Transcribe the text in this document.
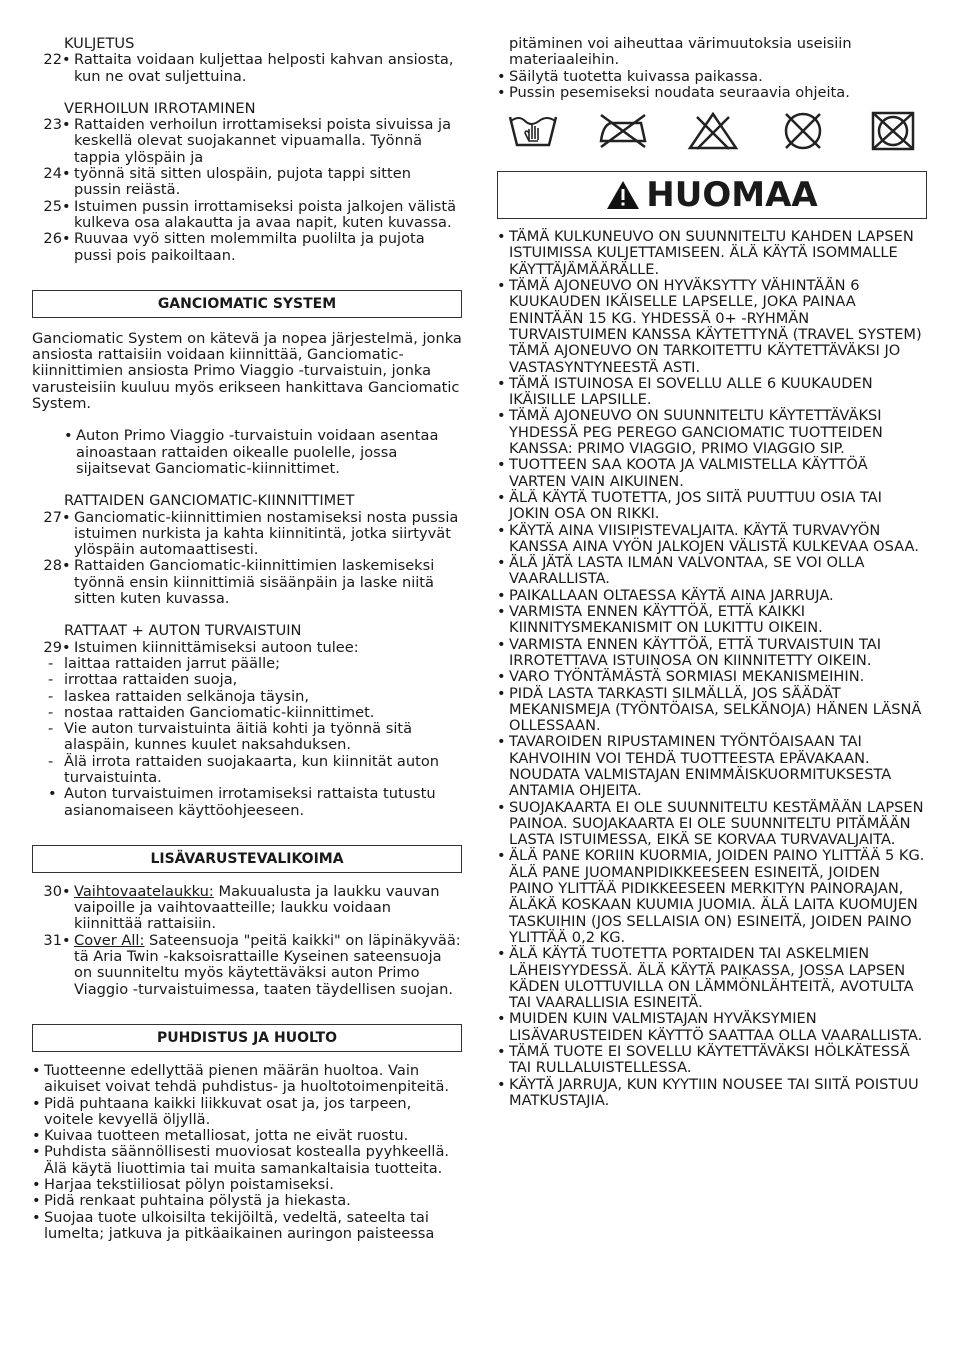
KULJETUS
22 • Rattaita voidaan kuljettaa helposti kahvan ansiosta, kun ne ovat suljettuina.
VERHOILUN IRROTAMINEN
23 • Rattaiden verhoilun irrottamiseksi poista sivuissa ja keskellä olevat suojakannet vipuamalla. Työnnä tappia ylöspäin ja
24 • työnnä sitä sitten ulospäin, pujota tappi sitten pussin reiästä.
25 • Istuimen pussin irrottamiseksi poista jalkojen välistä kulkeva osa alakautta ja avaa napit, kuten kuvassa.
26 • Ruuvaa vyö sitten molemmilta puolilta ja pujota pussi pois paikoiltaan.
GANCIOMATIC SYSTEM

Ganciomatic System on kätevä ja nopea järjestelmä, jonka ansiosta rattaisiin voidaan kiinnittää, Ganciomatic-kiinnittimien ansiosta Primo Viaggio -turvaistuin, jonka varusteisiin kuuluu myös erikseen hankittava Ganciomatic System.

• Auton Primo Viaggio -turvaistuin voidaan asentaa ainoastaan rattaiden oikealle puolelle, jossa sijaitsevat Ganciomatic-kiinnittimet.
RATTAIDEN GANCIOMATIC-KIINNITTIMET
27 • Ganciomatic-kiinnittimien nostamiseksi nosta pussia istuimen nurkista ja kahta kiinnitintä, jotka siirtyvät ylöspäin automaattisesti.
28 • Rattaiden Ganciomatic-kiinnittimien laskemiseksi työnnä ensin kiinnittimiä sisäänpäin ja laske niitä sitten kuten kuvassa.
RATTAAT + AUTON TURVAISTUIN
29 • Istuimen kiinnittämiseksi autoon tulee:
- laittaa rattaiden jarrut päälle;
- irrottaa rattaiden suoja,
- laskea rattaiden selkänoja täysin,
- nostaa rattaiden Ganciomatic-kiinnittimet.
- Vie auton turvaistuinta äitiä kohti ja työnnä sitä alaspäin, kunnes kuulet naksahduksen.
- Älä irrota rattaiden suojakaarta, kun kiinnität auton turvaistuinta.
• Auton turvaistuimen irrotamiseksi rattaista tutustu asianomaiseen käyttöohjeeseen.
LISÄVARUSTEVALIKOIMA
30 • Vaihtovaatelaukku: Makuualusta ja laukku vauvan vaipoille ja vaihtovaatteille; laukku voidaan kiinnittää rattaisiin.
31 • Cover All: Sateensuoja "peitä kaikki" on läpinäkyvää: tä Aria Twin -kaksoisrattaille Kyseinen sateensuoja on suunniteltu myös käytettäväksi auton Primo Viaggio -turvaistuimessa, taaten täydellisen suojan.
PUHDISTUS JA HUOLTO
• Tuotteenne edellyttää pienen määrän huoltoa. Vain aikuiset voivat tehdä puhdistus- ja huoltotoimenpiteitä.
• Pidä puhtaana kaikki liikkuvat osat ja, jos tarpeen, voitele kevyellä öljyllä.
• Kuivaa tuotteen metalliosat, jotta ne eivät ruostu.
• Puhdista säännöllisesti muoviosat kostealla pyyhkeellä. Älä käytä liuottimia tai muita samankaltaisia tuotteita.
• Harjaa tekstiiliosat pölyn poistamiseksi.
• Pidä renkaat puhtaina pölystä ja hiekasta.
• Suojaa tuote ulkoisilta tekijöiltä, vedeltä, sateelta tai lumelta; jatkuva ja pitkäaikainen auringon paisteessa
pitäminen voi aiheuttaa värimuutoksia useisiin materiaaleihin.
• Säilytä tuotetta kuivassa paikassa.
• Pussin pesemiseksi noudata seuraavia ohjeita.
HUOMAA
• TÄMÄ KULKUNEUVO ON SUUNNITELTU KAHDEN LAPSEN ISTUIMISSA KULJETTAMISEEN. ÄLÄ KÄYTÄ ISOMMALLE KÄYTTÄJÄMÄÄRÄLLE.
• TÄMÄ AJONEUVO ON HYVÄKSYTTY VÄHINTÄÄN 6 KUUKAUDEN IKÄISELLE LAPSELLE, JOKA PAINAA ENINTÄÄN 15 KG. YHDESSÄ 0+ -RYHMÄN TURVAISTUIMEN KANSSA KÄYTETTYNÄ (TRAVEL SYSTEM) TÄMÄ AJONEUVO ON TARKOITETTU KÄYTETTÄVÄKSI JO VASTASYNTYNEESTÄ ASTI.
• TÄMÄ ISTUINOSA EI SOVELLU ALLE 6 KUUKAUDEN IKÄISILLE LAPSILLE.
• TÄMÄ AJONEUVO ON SUUNNITELTU KÄYTETTÄVÄKSI YHDESSÄ PEG PEREGO GANCIOMATIC TUOTTEIDEN KANSSA: PRIMO VIAGGIO, PRIMO VIAGGIO SIP.
• TUOTTEEN SAA KOOTA JA VALMISTELLA KÄYTTÖÄ VARTEN VAIN AIKUINEN.
• ÄLÄ KÄYTÄ TUOTETTA, JOS SIITÄ PUUTTUU OSIA TAI JOKIN OSA ON RIKKI.
• KÄYTÄ AINA VIISIPISTEVALJAITA. KÄYTÄ TURVAVYÖN KANSSA AINA VYÖN JALKOJEN VÄLISTÄ KULKEVAA OSAA.
• ÄLÄ JÄTÄ LASTA ILMAN VALVONTAA, SE VOI OLLA VAARALLISTA.
• PAIKALLAAN OLTAESSA KÄYTÄ AINA JARRUJA.
• VARMISTA ENNEN KÄYTTÖÄ, ETTÄ KAIKKI KIINNITYSMEKANISMIT ON LUKITTU OIKEIN.
• VARMISTA ENNEN KÄYTTÖÄ, ETTÄ TURVAISTUIN TAI IRROTETTAVA ISTUINOSA ON KIINNITETTY OIKEIN.
• VARO TYÖNTÄMÄSTÄ SORMIASI MEKANISMEIHIN.
• PIDÄ LASTA TARKASTI SILMÄLLÄ, JOS SÄÄDÄT MEKANISMEJA (TYÖNTÖAISA, SELKÄNOJA) HÄNEN LÄSNÄ OLLESSAAN.
• TAVAROIDEN RIPUSTAMINEN TYÖNTÖAISAAN TAI KAHVOIHIN VOI TEHDÄ TUOTTEESTA EPÄVAKAAN. NOUDATA VALMISTAJAN ENIMMÄISKUORMITUKSESTA ANTAMIA OHJEITA.
• SUOJAKAARTA EI OLE SUUNNITELTU KESTÄMÄÄN LAPSEN PAINOA. SUOJAKAARTA EI OLE SUUNNITELTU PITÄMÄÄN LASTA ISTUIMESSA, EIKÄ SE KORVAA TURVAVALJAITA.
• ÄLÄ PANE KORIIN KUORMIA, JOIDEN PAINO YLITTÄÄ 5 KG. ÄLÄ PANE JUOMANPIDIKKEESEEN ESINEITÄ, JOIDEN PAINO YLITTÄÄ PIDIKKEESEEN MERKITYN PAINORAJAN, ÄLÄKÄ KOSKAAN KUUMIA JUOMIA. ÄLÄ LAITA KUOMUJEN TASKUIHIN (JOS SELLAISIA ON) ESINEITÄ, JOIDEN PAINO YLITTÄÄ 0,2 KG.
• ÄLÄ KÄYTÄ TUOTETTA PORTAIDEN TAI ASKELMIEN LÄHEISYYDESSÄ. ÄLÄ KÄYTÄ PAIKASSA, JOSSA LAPSEN KÄDEN ULOTTUVILLA ON LÄMMÖNLÄHTEITÄ, AVOTULTA TAI VAARALLISIA ESINEITÄ.
• MUIDEN KUIN VALMISTAJAN HYVÄKSYMIEN LISÄVARUSTEIDEN KÄYTTÖ SAATTAA OLLA VAARALLISTA.
• TÄMÄ TUOTE EI SOVELLU KÄYTETTÄVÄKSI HÖLKÄTESSÄ TAI RULLALUISTELLESSA.
• KÄYTÄ JARRUJA, KUN KYYTIIN NOUSEE TAI SIITÄ POISTUU MATKUSTAJIA.
